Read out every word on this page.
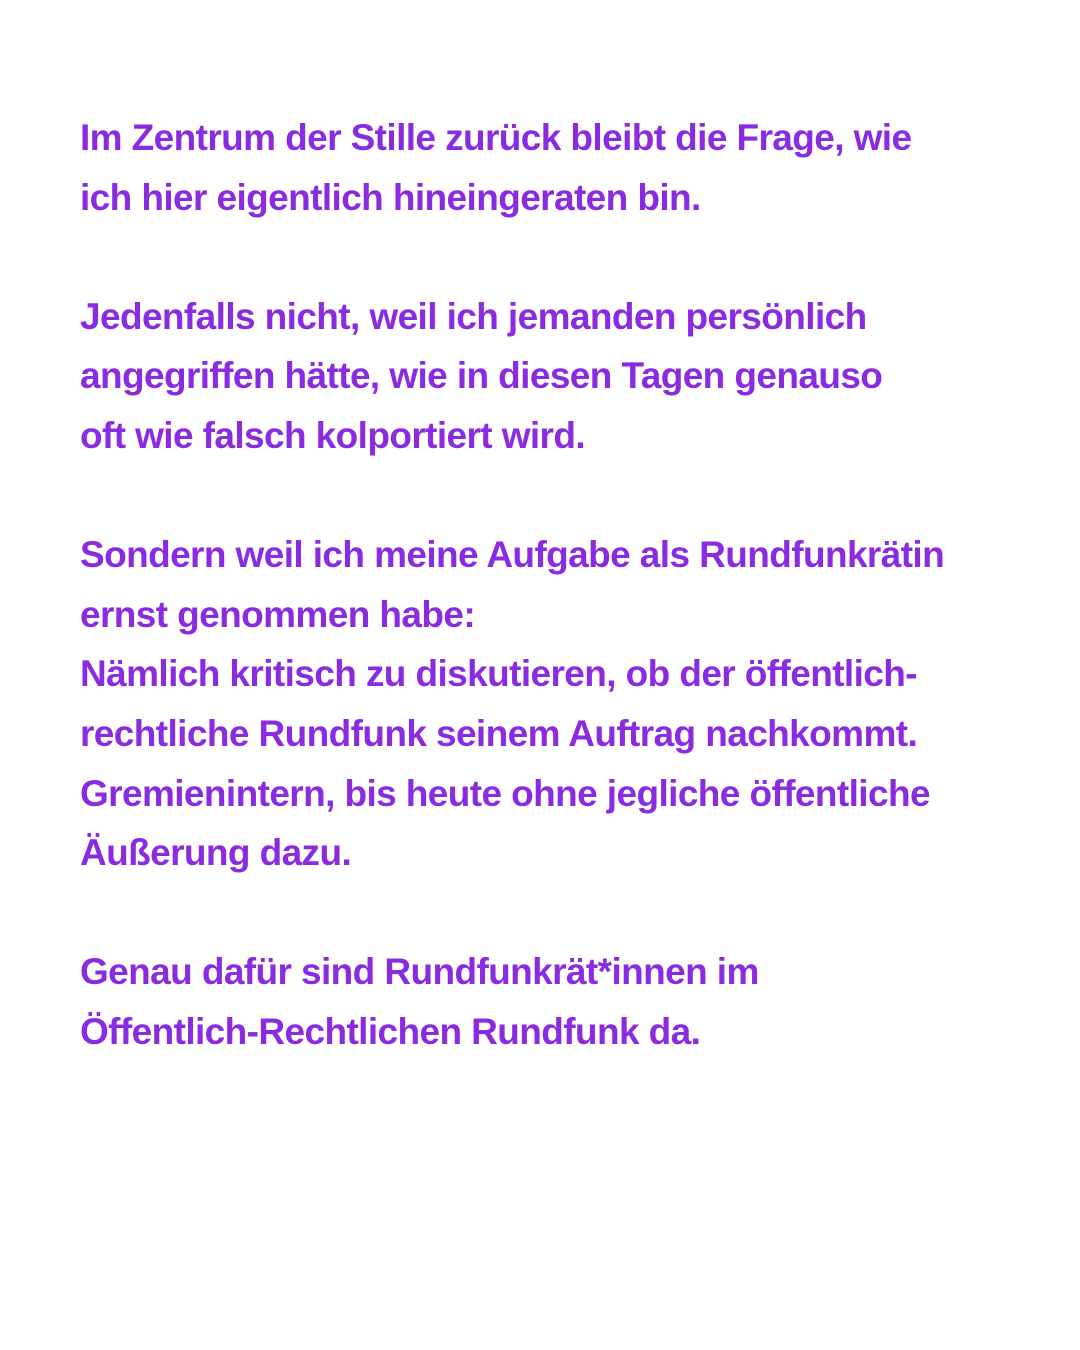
Im Zentrum der Stille zurück bleibt die Frage, wie
ich hier eigentlich hineingeraten bin.
Jedenfalls nicht, weil ich jemanden persönlich
angegriffen hätte, wie in diesen Tagen genauso
oft wie falsch kolportiert wird.
Sondern weil ich meine Aufgabe als Rundfunkrätin
ernst genommen habe:
Nämlich kritisch zu diskutieren, ob der öffentlich-
rechtliche Rundfunk seinem Auftrag nachkommt.
Gremienintern, bis heute ohne jegliche öffentliche
Äußerung dazu.
Genau dafür sind Rundfunkrät*innen im
Öffentlich-Rechtlichen Rundfunk da.
